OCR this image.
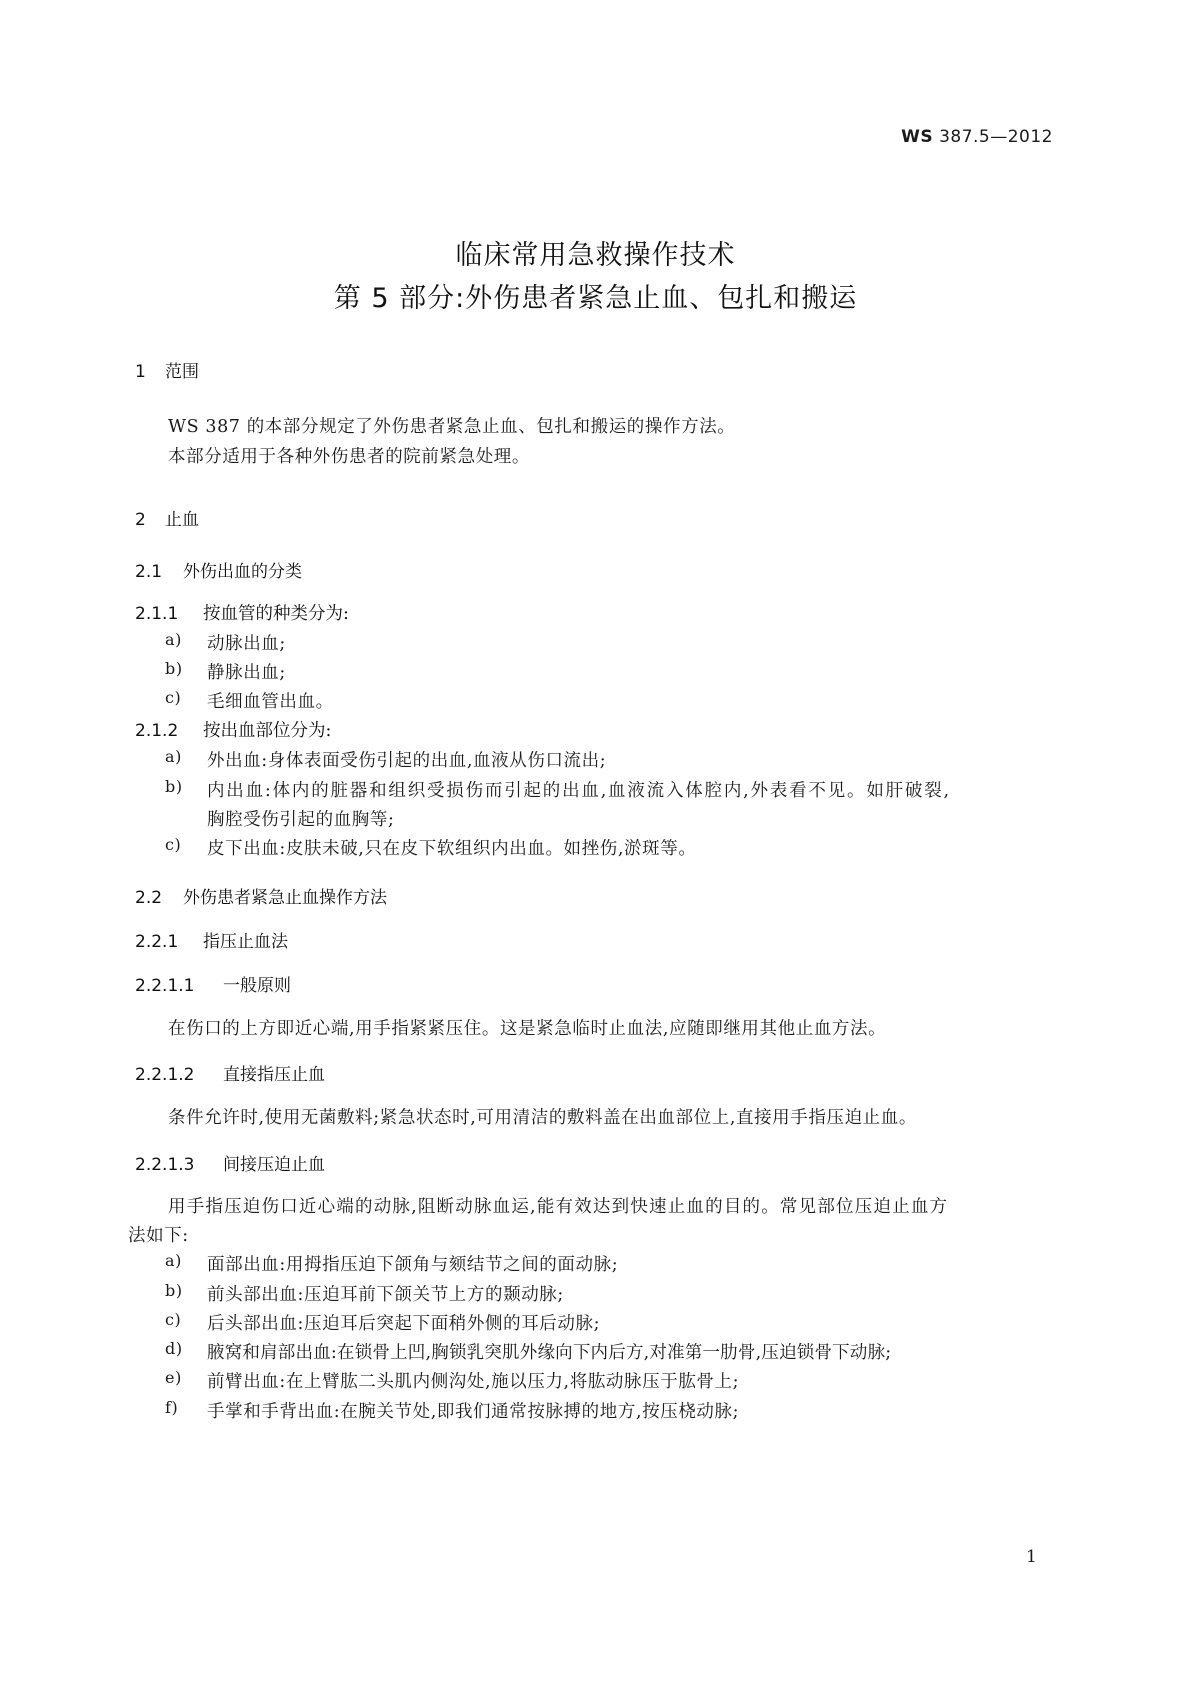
WS 387.5—2012
临床常用急救操作技术
第 5 部分:外伤患者紧急止血、包扎和搬运
1 范围
WS 387 的本部分规定了外伤患者紧急止血、包扎和搬运的操作方法。
本部分适用于各种外伤患者的院前紧急处理。
2 止血
2.1 外伤出血的分类
2.1.1 按血管的种类分为:
a) 动脉出血;
b) 静脉出血;
c) 毛细血管出血。
2.1.2 按出血部位分为:
a) 外出血:身体表面受伤引起的出血,血液从伤口流出;
b) 内出血:体内的脏器和组织受损伤而引起的出血,血液流入体腔内,外表看不见。如肝破裂,
胸腔受伤引起的血胸等;
c) 皮下出血:皮肤未破,只在皮下软组织内出血。如挫伤,淤斑等。
2.2 外伤患者紧急止血操作方法
2.2.1 指压止血法
2.2.1.1 一般原则
在伤口的上方即近心端,用手指紧紧压住。这是紧急临时止血法,应随即继用其他止血方法。
2.2.1.2 直接指压止血
条件允许时,使用无菌敷料;紧急状态时,可用清洁的敷料盖在出血部位上,直接用手指压迫止血。
2.2.1.3 间接压迫止血
用手指压迫伤口近心端的动脉,阻断动脉血运,能有效达到快速止血的目的。常见部位压迫止血方
法如下:
a) 面部出血:用拇指压迫下颌角与颏结节之间的面动脉;
b) 前头部出血:压迫耳前下颌关节上方的颞动脉;
c) 后头部出血:压迫耳后突起下面稍外侧的耳后动脉;
d) 腋窝和肩部出血:在锁骨上凹,胸锁乳突肌外缘向下内后方,对准第一肋骨,压迫锁骨下动脉;
e) 前臂出血:在上臂肱二头肌内侧沟处,施以压力,将肱动脉压于肱骨上;
f) 手掌和手背出血:在腕关节处,即我们通常按脉搏的地方,按压桡动脉;
1
